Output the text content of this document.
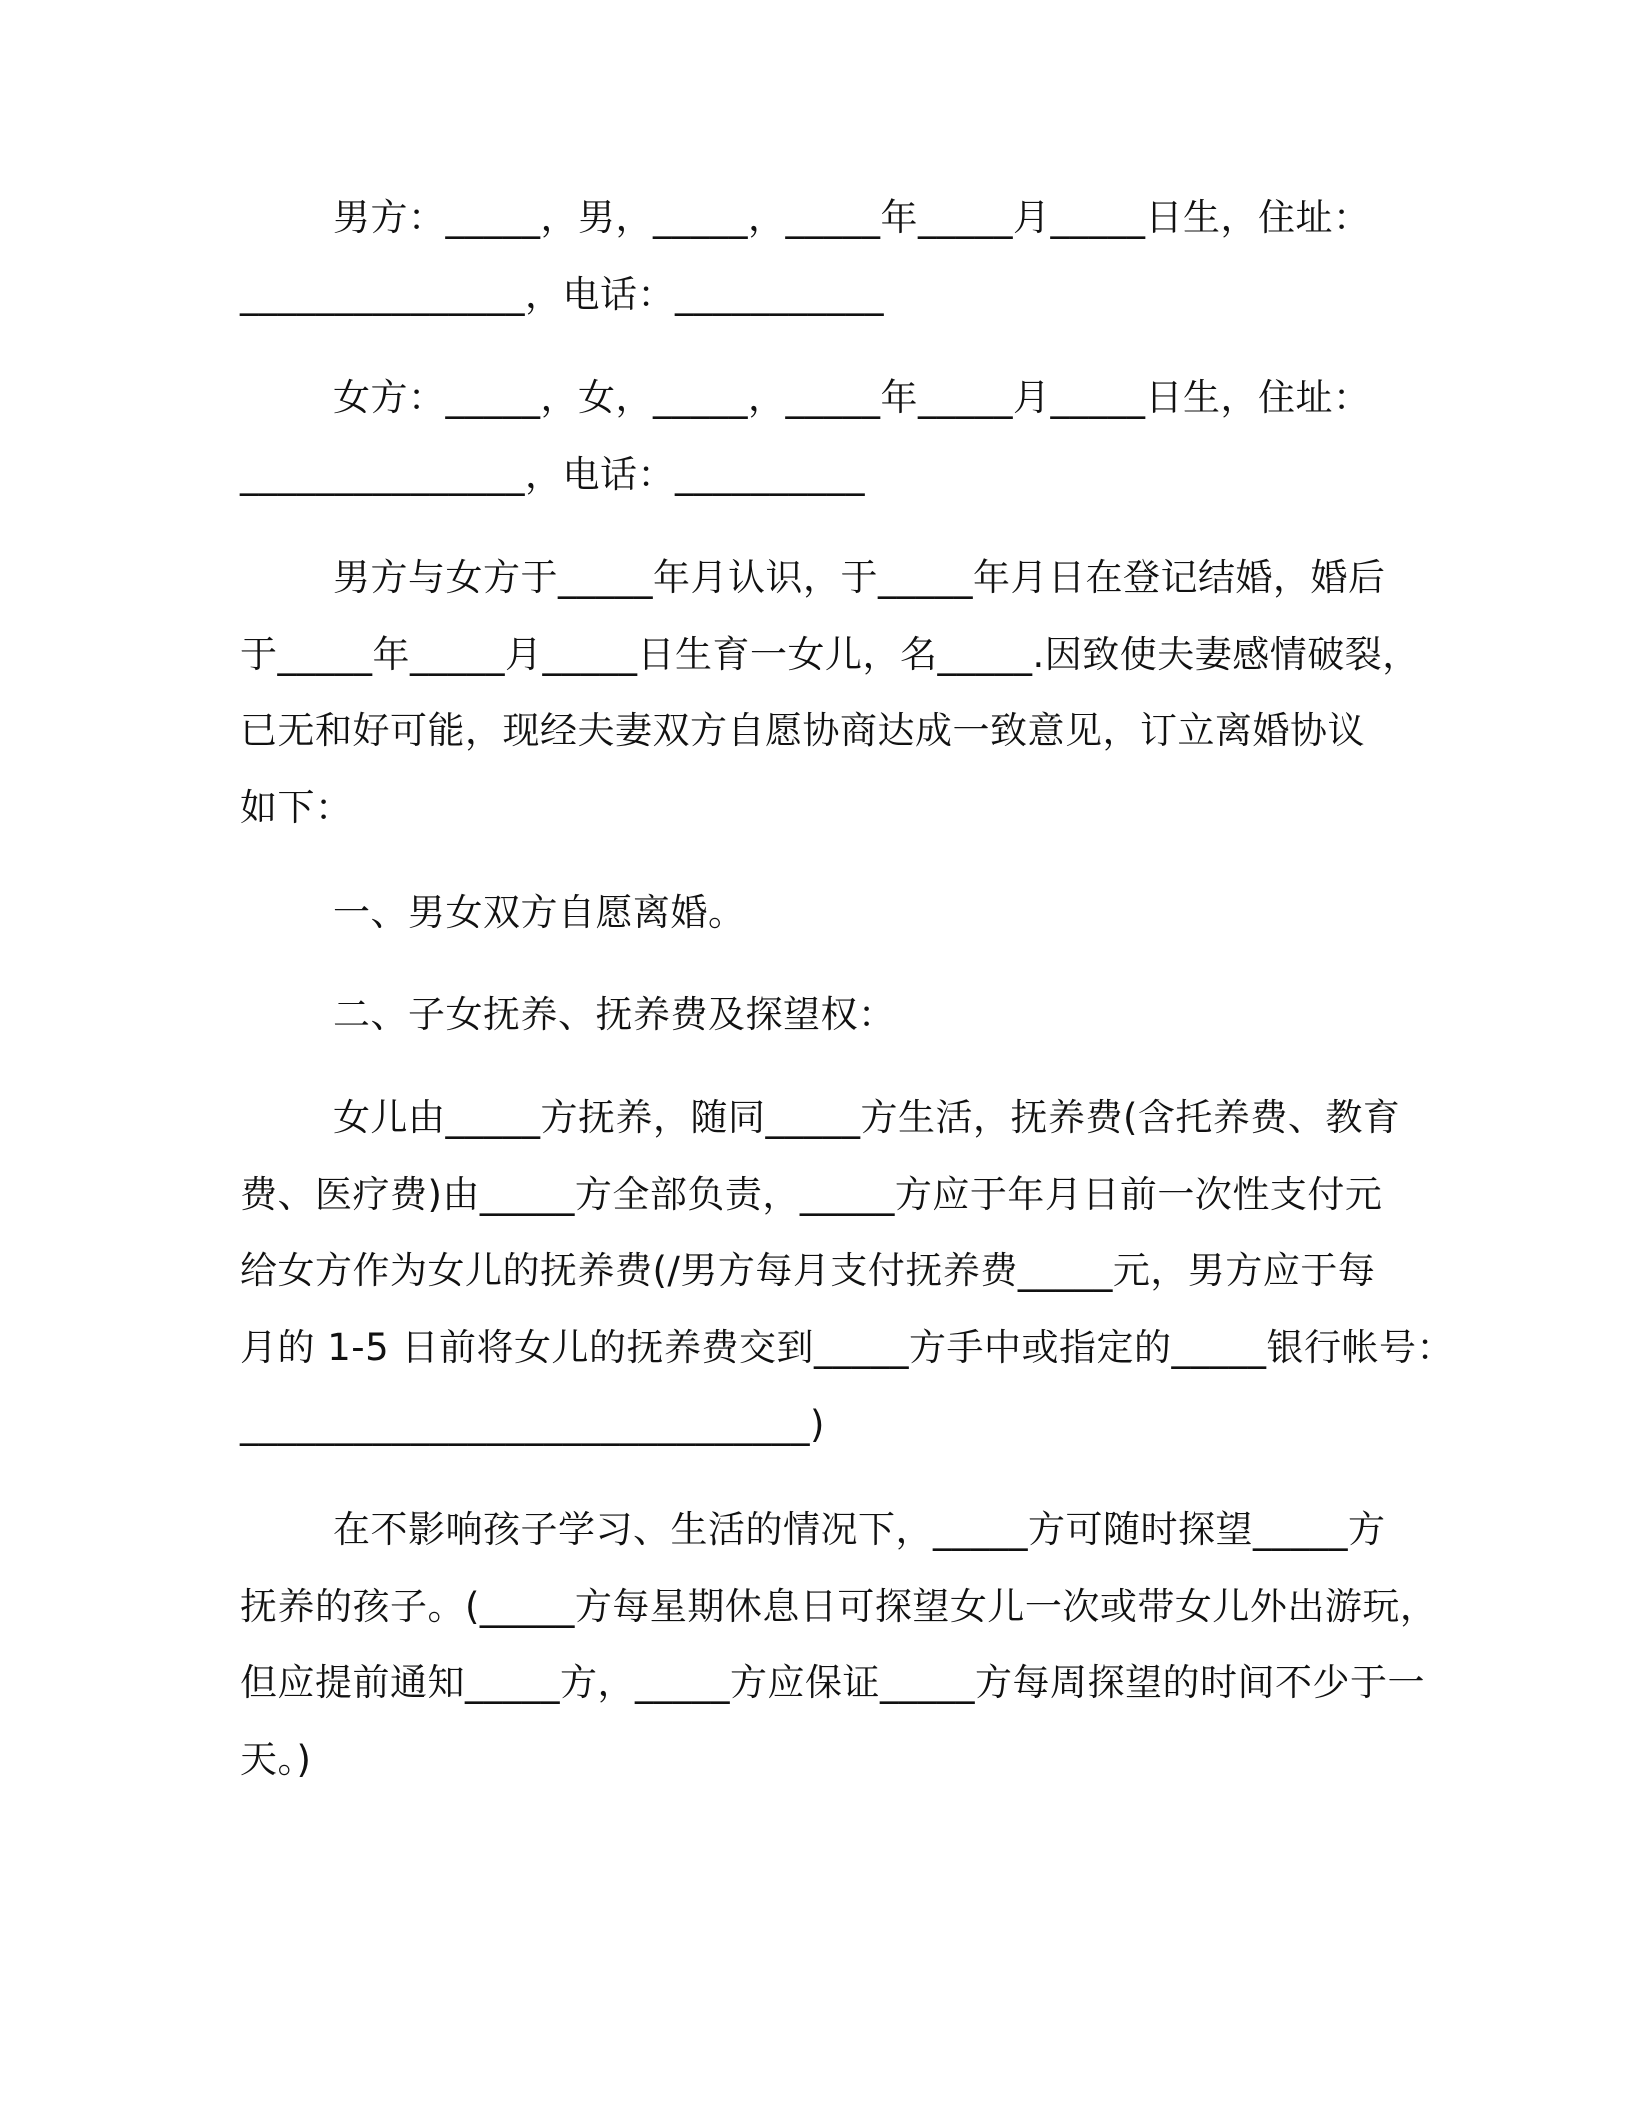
男方：_____，男，_____，_____年_____月_____日生，住址：
_______________，电话：___________
女方：_____，女，_____，_____年_____月_____日生，住址：
_______________，电话：__________
男方与女方于_____年月认识，于_____年月日在登记结婚，婚后
于_____年_____月_____日生育一女儿，名_____.因致使夫妻感情破裂，
已无和好可能，现经夫妻双方自愿协商达成一致意见，订立离婚协议
如下：
一、男女双方自愿离婚。
二、子女抚养、抚养费及探望权：
女儿由_____方抚养，随同_____方生活，抚养费(含托养费、教育
费、医疗费)由_____方全部负责，_____方应于年月日前一次性支付元
给女方作为女儿的抚养费(/男方每月支付抚养费_____元，男方应于每
月的 1-5 日前将女儿的抚养费交到_____方手中或指定的_____银行帐号：
______________________________)
在不影响孩子学习、生活的情况下，_____方可随时探望_____方
抚养的孩子。(_____方每星期休息日可探望女儿一次或带女儿外出游玩，
但应提前通知_____方，_____方应保证_____方每周探望的时间不少于一
天。)
